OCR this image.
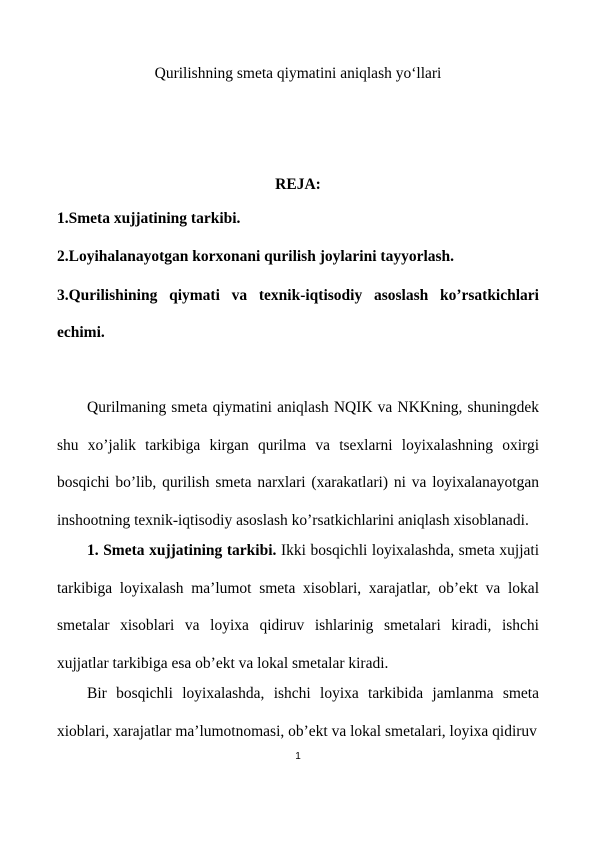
Qurilishning smeta qiymatini aniqlash yo‘llari
REJA:

1.Smeta xujjatining tarkibi.

2.Loyihalanayotgan korxonani qurilish joylarini tayyorlash.

3.Qurilishining qiymati va texnik-iqtisodiy asoslash ko’rsatkichlari echimi.

Qurilmaning smeta qiymatini aniqlash NQIK va NKKning, shuningdek shu xo’jalik tarkibiga kirgan qurilma va tsexlarni loyixalashning oxirgi bosqichi bo’lib, qurilish smeta narxlari (xarakatlari) ni va loyixalanayotgan inshootning texnik-iqtisodiy asoslash ko’rsatkichlarini aniqlash xisoblanadi.

1. Smeta xujjatining tarkibi. Ikki bosqichli loyixalashda, smeta xujjati tarkibiga loyixalash ma’lumot smeta xisoblari, xarajatlar, ob’ekt va lokal smetalar xisoblari va loyixa qidiruv ishlarinig smetalari kiradi, ishchi xujjatlar tarkibiga esa ob’ekt va lokal smetalar kiradi.

Bir bosqichli loyixalashda, ishchi loyixa tarkibida jamlanma smeta xioblari, xarajatlar ma’lumotnomasi, ob’ekt va lokal smetalari, loyixa qidiruv

1
